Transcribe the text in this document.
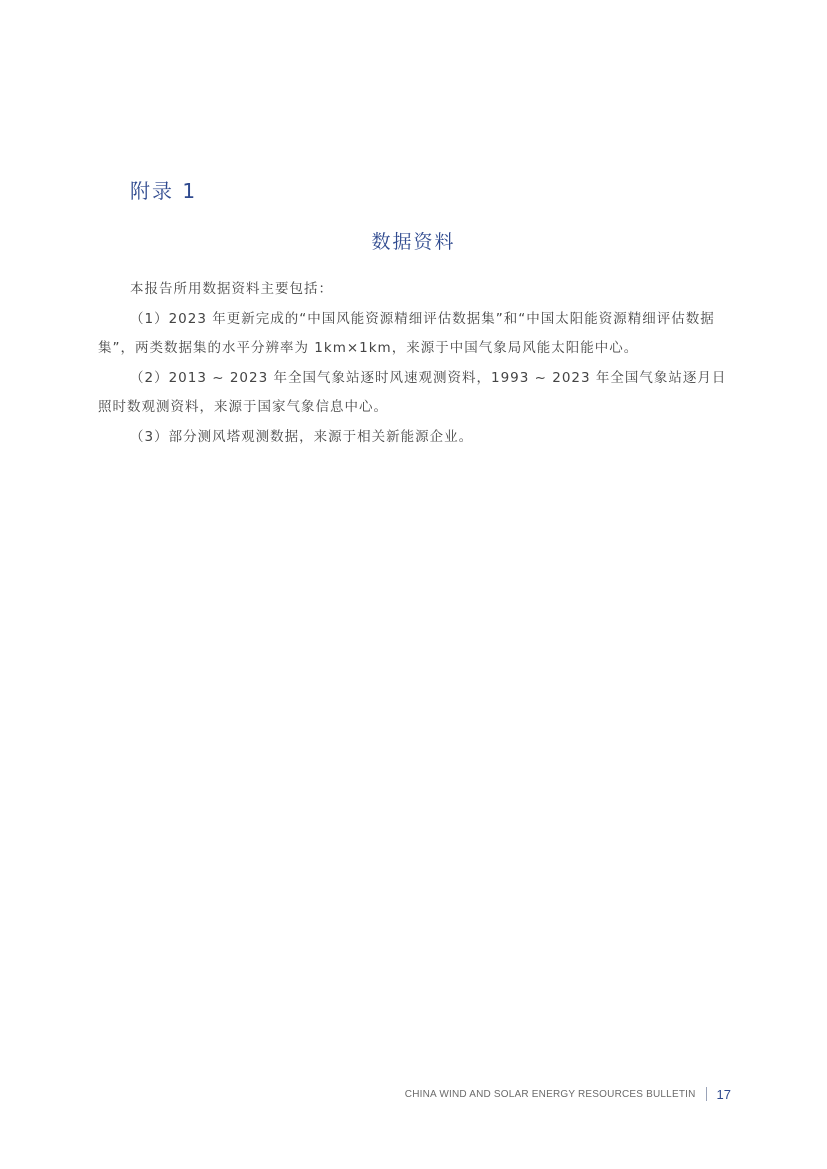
附录 1
数据资料

本报告所用数据资料主要包括：

（1）2023 年更新完成的“中国风能资源精细评估数据集”和“中国太阳能资源精细评估数据集”，两类数据集的水平分辨率为 1km×1km，来源于中国气象局风能太阳能中心。

（2）2013 ~ 2023 年全国气象站逐时风速观测资料，1993 ~ 2023 年全国气象站逐月日照时数观测资料，来源于国家气象信息中心。

（3）部分测风塔观测数据，来源于相关新能源企业。

CHINA WIND AND SOLAR ENERGY RESOURCES BULLETIN 17
